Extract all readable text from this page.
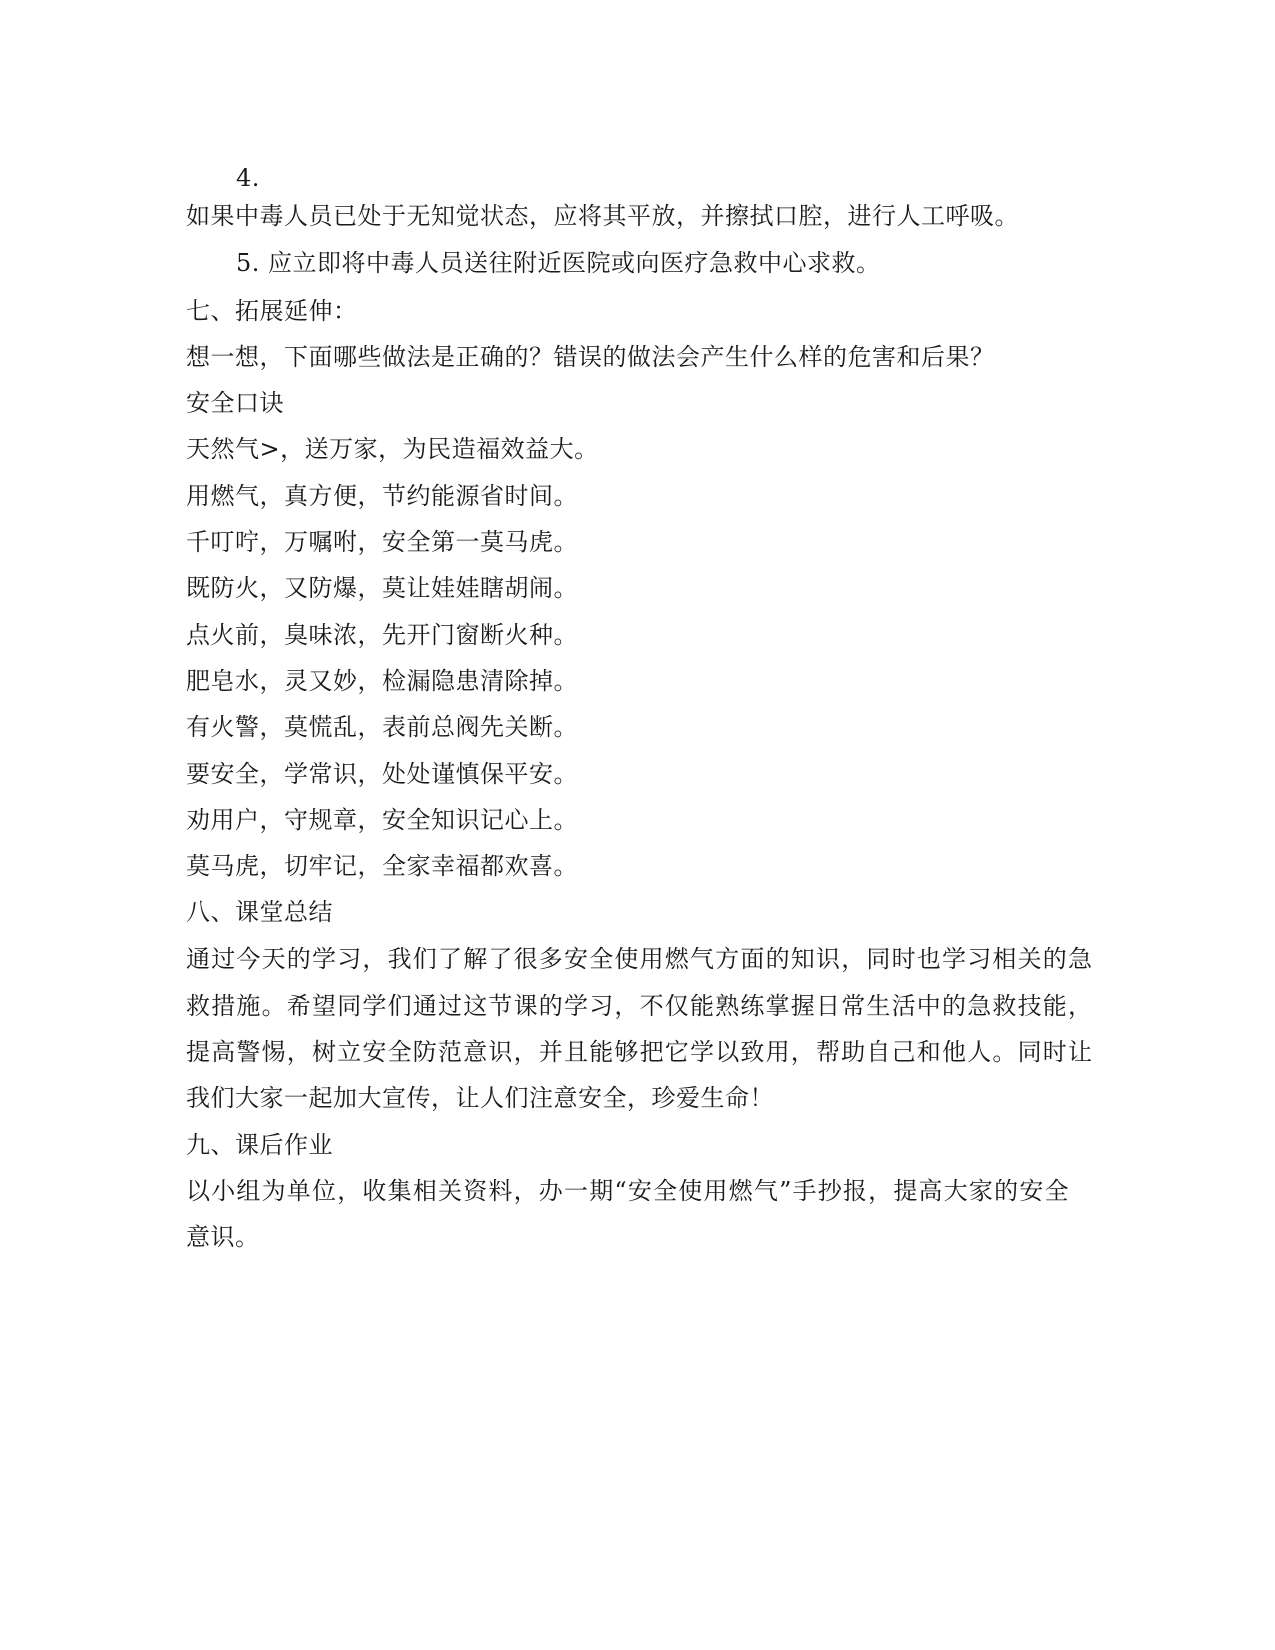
4.
如果中毒人员已处于无知觉状态，应将其平放，并擦拭口腔，进行人工呼吸。
5. 应立即将中毒人员送往附近医院或向医疗急救中心求救。
七、拓展延伸：
想一想，下面哪些做法是正确的？错误的做法会产生什么样的危害和后果？
安全口诀
天然气>，送万家，为民造福效益大。
用燃气，真方便，节约能源省时间。
千叮咛，万嘱咐，安全第一莫马虎。
既防火，又防爆，莫让娃娃瞎胡闹。
点火前，臭味浓，先开门窗断火种。
肥皂水，灵又妙，检漏隐患清除掉。
有火警，莫慌乱，表前总阀先关断。
要安全，学常识，处处谨慎保平安。
劝用户，守规章，安全知识记心上。
莫马虎，切牢记，全家幸福都欢喜。
八、课堂总结
通过今天的学习，我们了解了很多安全使用燃气方面的知识，同时也学习相关的急
救措施。希望同学们通过这节课的学习，不仅能熟练掌握日常生活中的急救技能，
提高警惕，树立安全防范意识，并且能够把它学以致用，帮助自己和他人。同时让
我们大家一起加大宣传，让人们注意安全，珍爱生命！
九、课后作业
以小组为单位，收集相关资料，办一期“安全使用燃气”手抄报，提高大家的安全
意识。
